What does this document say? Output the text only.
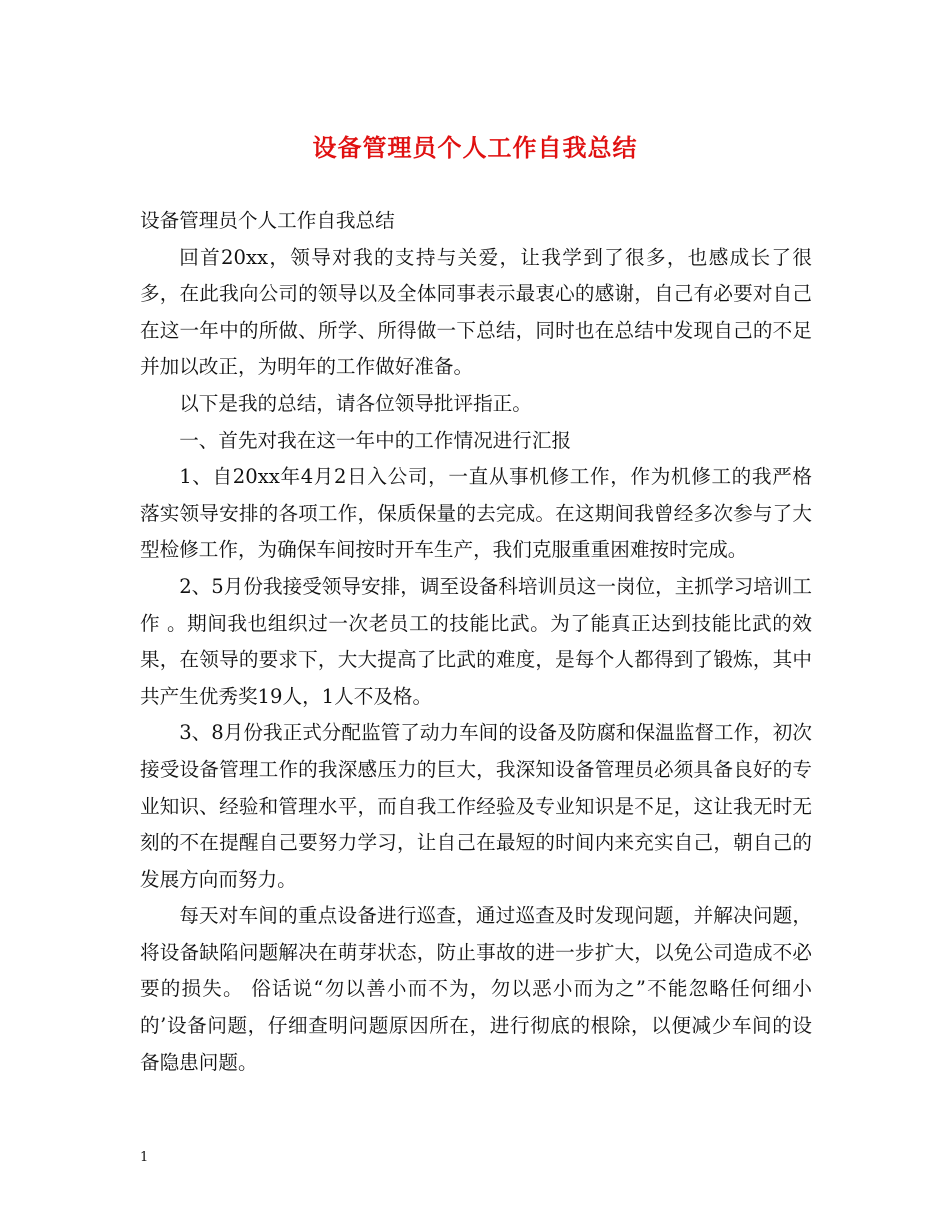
设备管理员个人工作自我总结

设备管理员个人工作自我总结

回首20xx，领导对我的支持与关爱，让我学到了很多，也感成长了很多，在此我向公司的领导以及全体同事表示最衷心的感谢，自己有必要对自己在这一年中的所做、所学、所得做一下总结，同时也在总结中发现自己的不足并加以改正，为明年的工作做好准备。

以下是我的总结，请各位领导批评指正。

一、首先对我在这一年中的工作情况进行汇报

1、自20xx年4月2日入公司，一直从事机修工作，作为机修工的我严格落实领导安排的各项工作，保质保量的去完成。在这期间我曾经多次参与了大型检修工作，为确保车间按时开车生产，我们克服重重困难按时完成。

2、5月份我接受领导安排，调至设备科培训员这一岗位，主抓学习培训工作 。期间我也组织过一次老员工的技能比武。为了能真正达到技能比武的效果，在领导的要求下，大大提高了比武的难度，是每个人都得到了锻炼，其中共产生优秀奖19人，1人不及格。

3、8月份我正式分配监管了动力车间的设备及防腐和保温监督工作，初次接受设备管理工作的我深感压力的巨大，我深知设备管理员必须具备良好的专业知识、经验和管理水平，而自我工作经验及专业知识是不足，这让我无时无刻的不在提醒自己要努力学习，让自己在最短的时间内来充实自己，朝自己的发展方向而努力。

每天对车间的重点设备进行巡查，通过巡查及时发现问题，并解决问题，将设备缺陷问题解决在萌芽状态，防止事故的进一步扩大，以免公司造成不必要的损失。 俗话说“勿以善小而不为，勿以恶小而为之”不能忽略任何细小的’设备问题，仔细查明问题原因所在，进行彻底的根除，以便减少车间的设备隐患问题。

1
